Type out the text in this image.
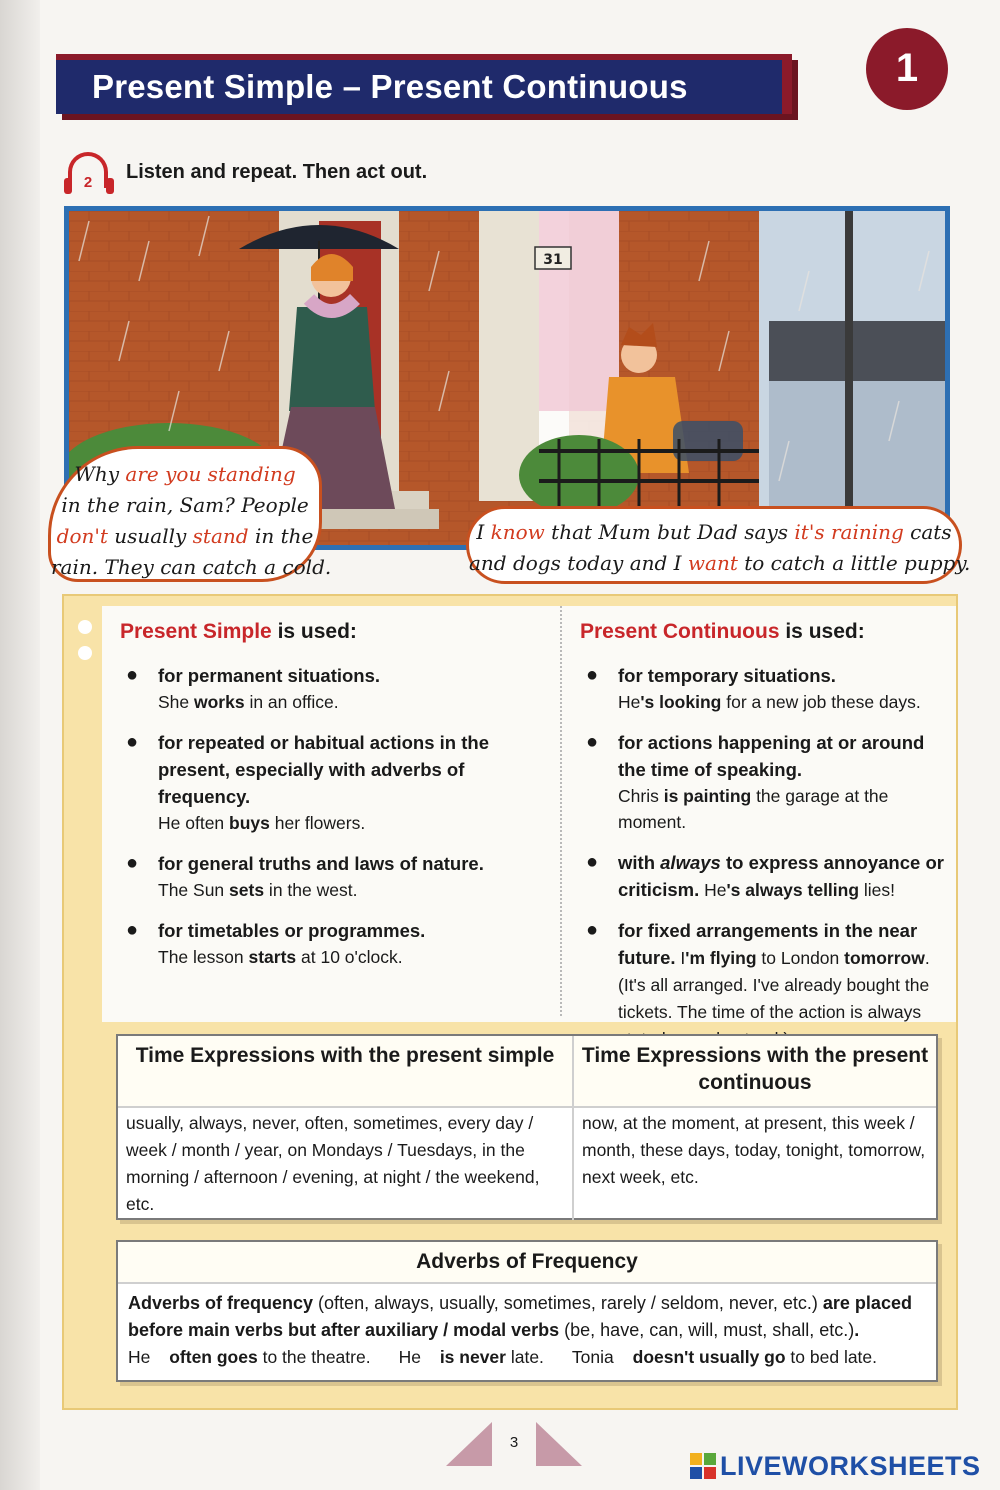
Present Simple – Present Continuous	1
2	Listen and repeat. Then act out.
31
Why are you standing
in the rain, Sam? People
don't usually stand in the
rain. They can catch a cold.
I know that Mum but Dad says it's raining cats
and dogs today and I want to catch a little puppy.
Present Simple is used:
● for permanent situations.
She works in an office.
● for repeated or habitual actions in the present, especially with adverbs of frequency.
He often buys her flowers.
● for general truths and laws of nature.
The Sun sets in the west.
● for timetables or programmes.
The lesson starts at 10 o'clock.
Present Continuous is used:
● for temporary situations.
He's looking for a new job these days.
● for actions happening at or around the time of speaking.
Chris is painting the garage at the moment.
● with always to express annoyance or criticism. He's always telling lies!
● for fixed arrangements in the near future. I'm flying to London tomorrow. (It's all arranged. I've already bought the tickets. The time of the action is always
Time Expressions with the present simple	Time Expressions with the present continuous
usually, always, never, often, sometimes, every day / week / month / year, on Mondays / Tuesdays, in the morning / afternoon / evening, at night / the weekend, etc.
now, at the moment, at present, this week / month, these days, today, tonight, tomorrow, next week, etc.
Adverbs of Frequency
Adverbs of frequency (often, always, usually, sometimes, rarely / seldom, never, etc.) are placed before main verbs but after auxiliary / modal verbs (be, have, can, will, must, shall, etc.).
He often goes to the theatre. He is never late. Tonia doesn't usually go to bed late.
3
LIVEWORKSHEETS
